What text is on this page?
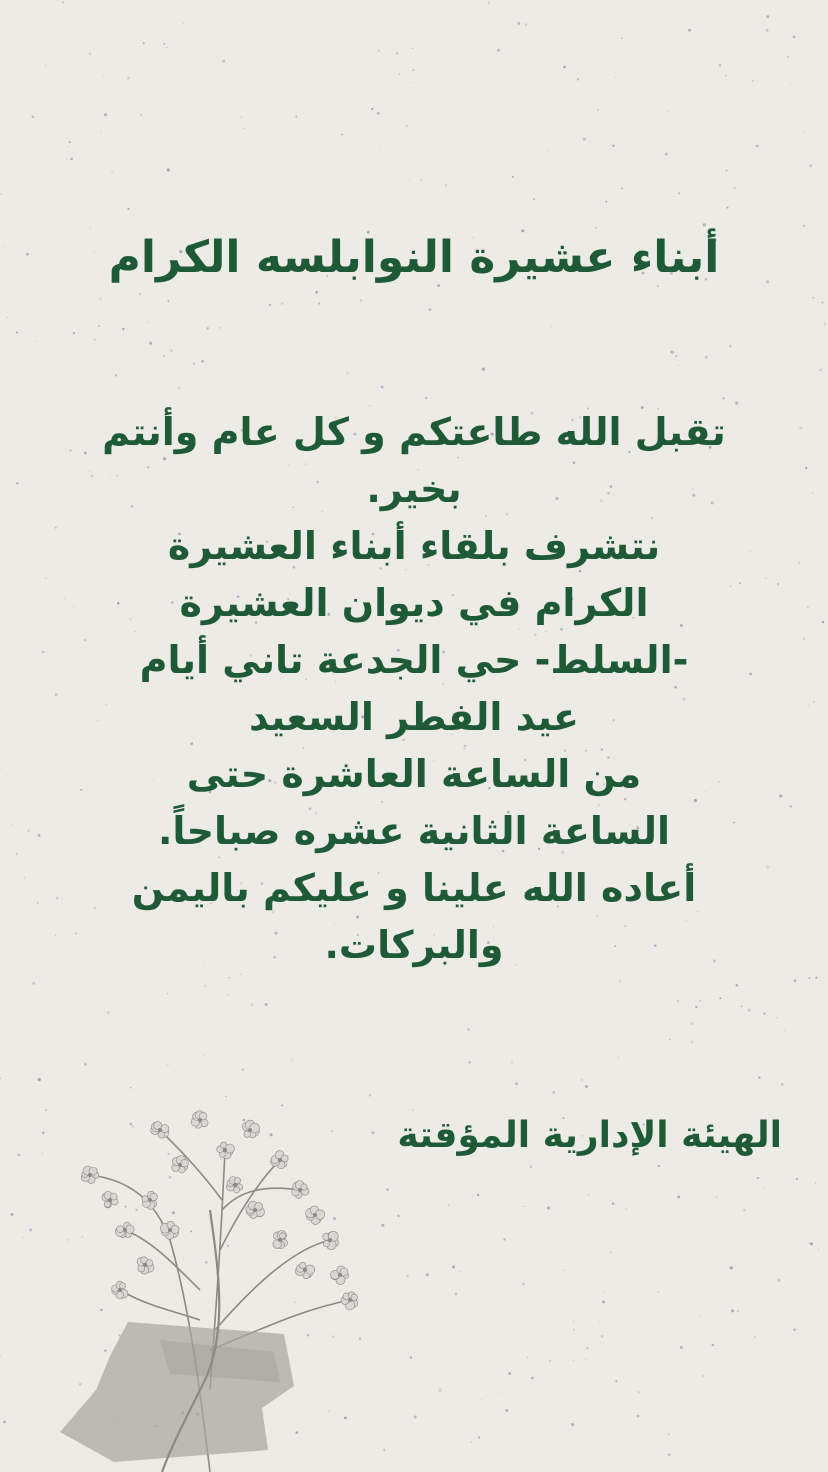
أبناء عشيرة النوابلسه الكرام
تقبل الله طاعتكم و كل عام وأنتم
بخير.
نتشرف بلقاء أبناء العشيرة
الكرام في ديوان العشيرة
-السلط- حي الجدعة تاني أيام
عيد الفطر السعيد
من الساعة العاشرة حتى
الساعة الثانية عشره صباحاً.
أعاده الله علينا و عليكم باليمن
والبركات.
الهيئة الإدارية المؤقتة
